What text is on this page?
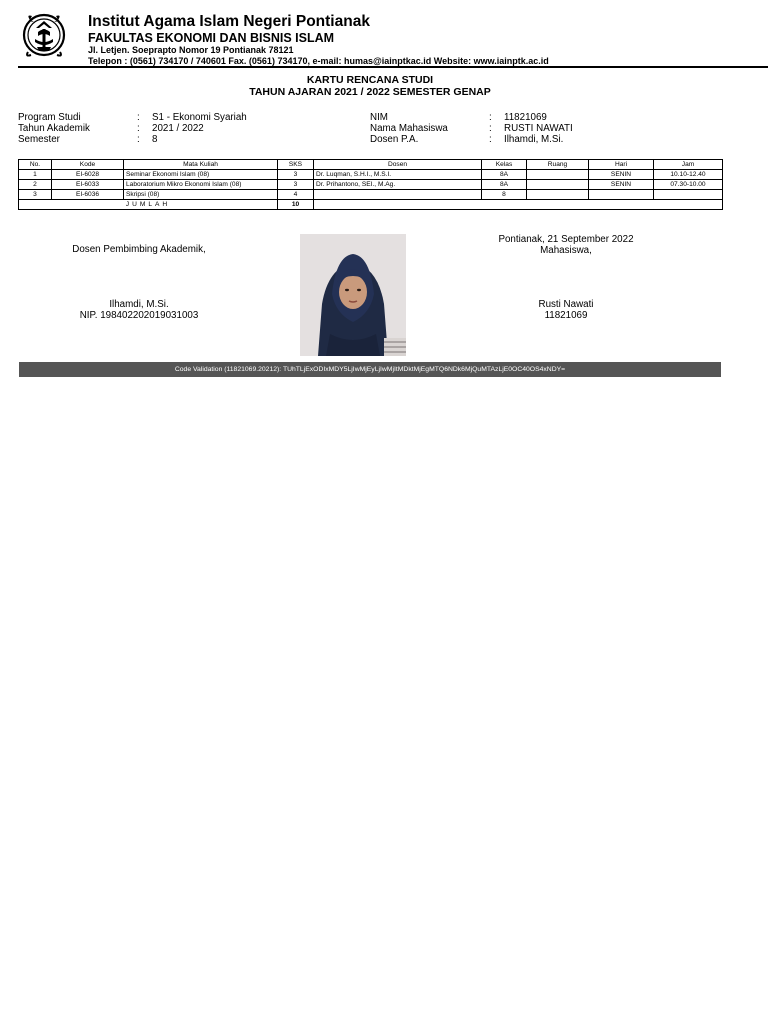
Institut Agama Islam Negeri Pontianak
FAKULTAS EKONOMI DAN BISNIS ISLAM
Jl. Letjen. Soeprapto Nomor 19 Pontianak 78121
Telepon : (0561) 734170 / 740601 Fax. (0561) 734170, e-mail: humas@iainptkac.id Website: www.iainptk.ac.id
KARTU RENCANA STUDI
TAHUN AJARAN 2021 / 2022 SEMESTER GENAP
Program Studi	: S1 - Ekonomi Syariah
Tahun Akademik	: 2021 / 2022
Semester	: 8
NIM	: 11821069
Nama Mahasiswa	: RUSTI NAWATI
Dosen P.A.	: Ilhamdi, M.Si.
No.	Kode	Mata Kuliah	SKS	Dosen	Kelas	Ruang	Hari	Jam
1	EI-6028	Seminar Ekonomi Islam (08)	3	Dr. Luqman, S.H.I., M.S.I.	8A		SENIN	10.10-12.40
2	EI-6033	Laboratorium Mikro Ekonomi Islam (08)	3	Dr. Prihantono, SEI., M.Ag.	8A		SENIN	07.30-10.00
3	EI-6036	Skripsi (08)	4		8			
JUMLAH			10					
Dosen Pembimbing Akademik,
Ilhamdi, M.Si.
NIP. 198402202019031003
Pontianak, 21 September 2022
Mahasiswa,
Rusti Nawati
11821069
Code Validation (11821069.20212): TUhTLjExODIxMDY5LjIwMjEyLjIwMjItMDktMjEgMTQ6NDk6MjQuMTAzLjE0OC40OS4xNDY=
